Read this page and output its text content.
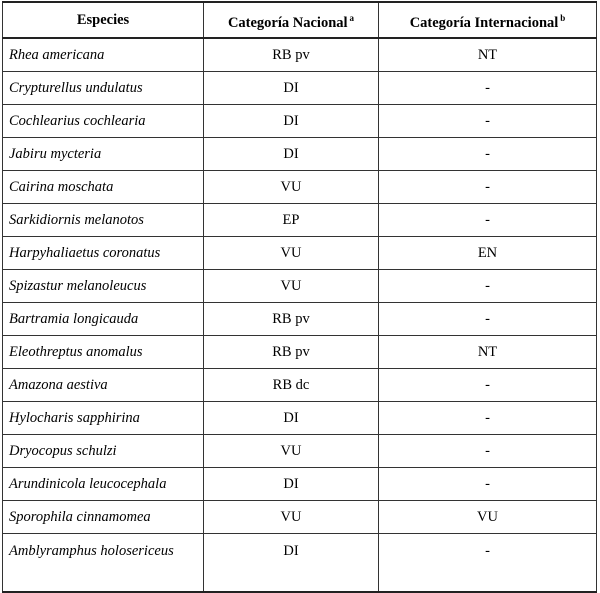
Especies	Categoría Nacional $^a$	Categoría Internacional $^b$
Rhea americana	RB pv	NT
Crypturellus undulatus	DI	-
Cochlearius cochlearia	DI	-
Jabiru mycteria	DI	-
Cairina moschata	VU	-
Sarkidiornis melanotos	EP	-
Harpyhaliaetus coronatus	VU	EN
Spizastur melanoleucus	VU	-
Bartramia longicauda	RB pv	-
Eleothreptus anomalus	RB pv	NT
Amazona aestiva	RB dc	-
Hylocharis sapphirina	DI	-
Dryocopus schulzi	VU	-
Arundinicola leucocephala	DI	-
Sporophila cinnamomea	VU	VU
Amblyramphus holosericeus	DI	-
